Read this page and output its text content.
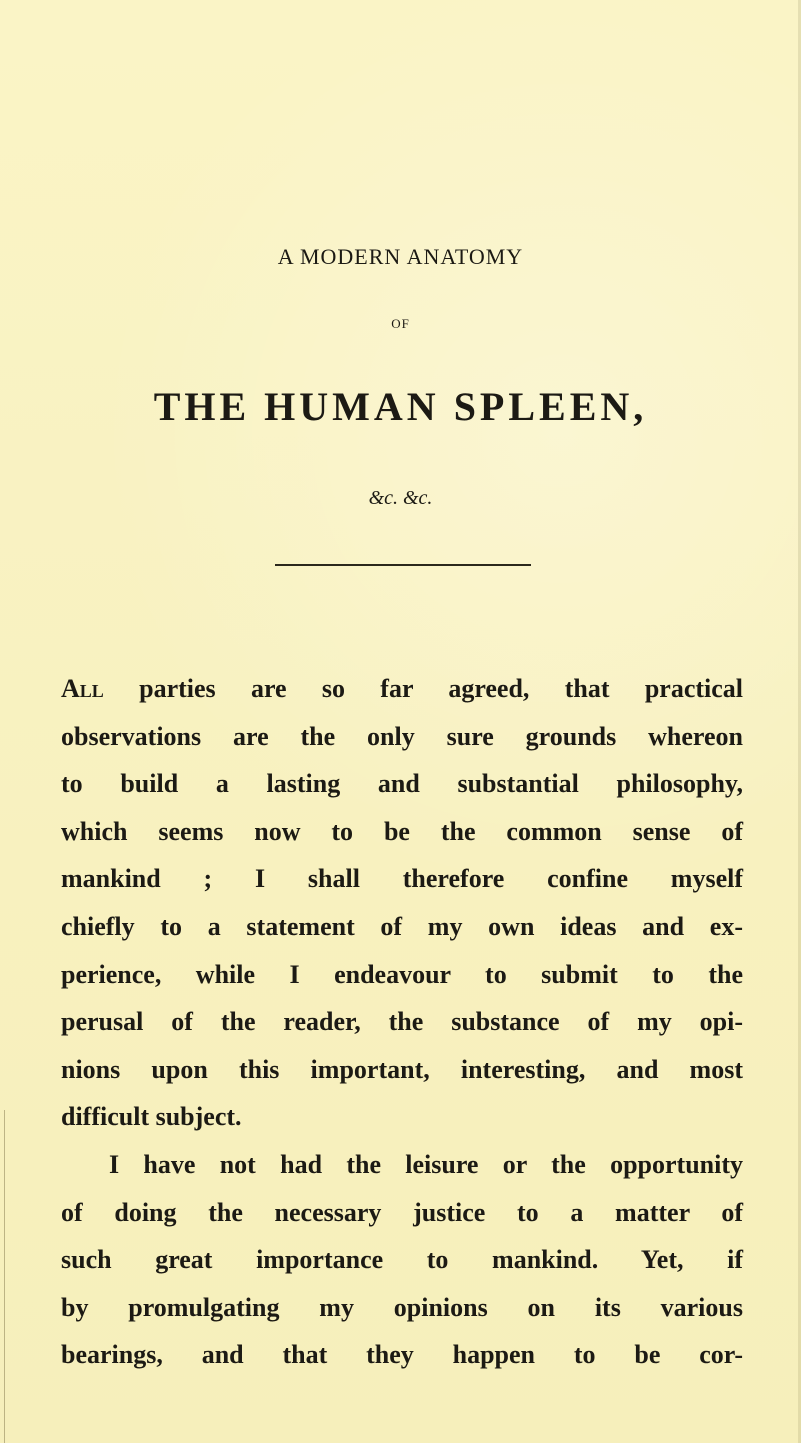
A MODERN ANATOMY
OF
THE HUMAN SPLEEN,
&c. &c.
All parties are so far agreed, that practical
observations are the only sure grounds whereon
to build a lasting and substantial philosophy,
which seems now to be the common sense of
mankind ; I shall therefore confine myself
chiefly to a statement of my own ideas and ex-
perience, while I endeavour to submit to the
perusal of the reader, the substance of my opi-
nions upon this important, interesting, and most
difficult subject.
I have not had the leisure or the opportunity
of doing the necessary justice to a matter of
such great importance to mankind. Yet, if
by promulgating my opinions on its various
bearings, and that they happen to be cor-
